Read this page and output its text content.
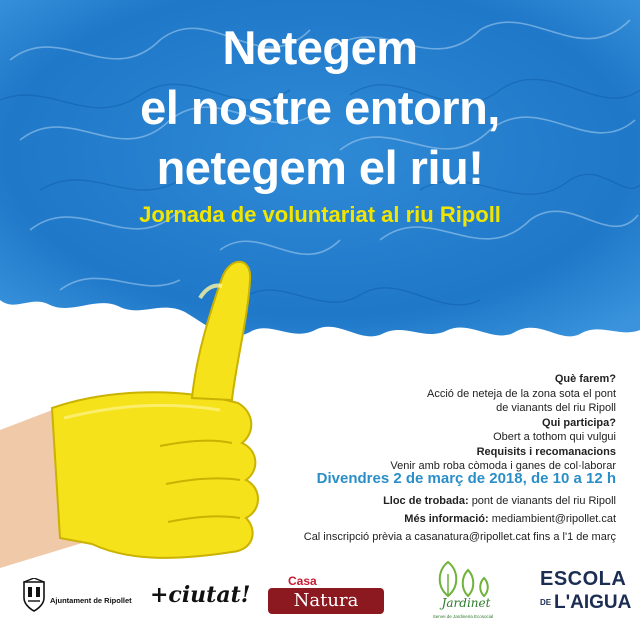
Netegem
el nostre entorn,
netegem el riu!
Jornada de voluntariat al riu Ripoll
Què farem?
Acció de neteja de la zona sota el pont
de vianants del riu Ripoll
Qui participa?
Obert a tothom qui vulgui
Requisits i recomanacions
Venir amb roba còmoda i ganes de col·laborar
Divendres 2 de març de 2018, de 10 a 12 h
Lloc de trobada: pont de vianants del riu Ripoll
Més informació: mediambient@ripollet.cat
Cal inscripció prèvia a casanatura@ripollet.cat fins a l'1 de març
Ajuntament de Ripollet +ciutat!
Casa
Natura	Jardinet
Servei de Jardineria Ecosocial
ESCOLA
DE L'AIGUA
